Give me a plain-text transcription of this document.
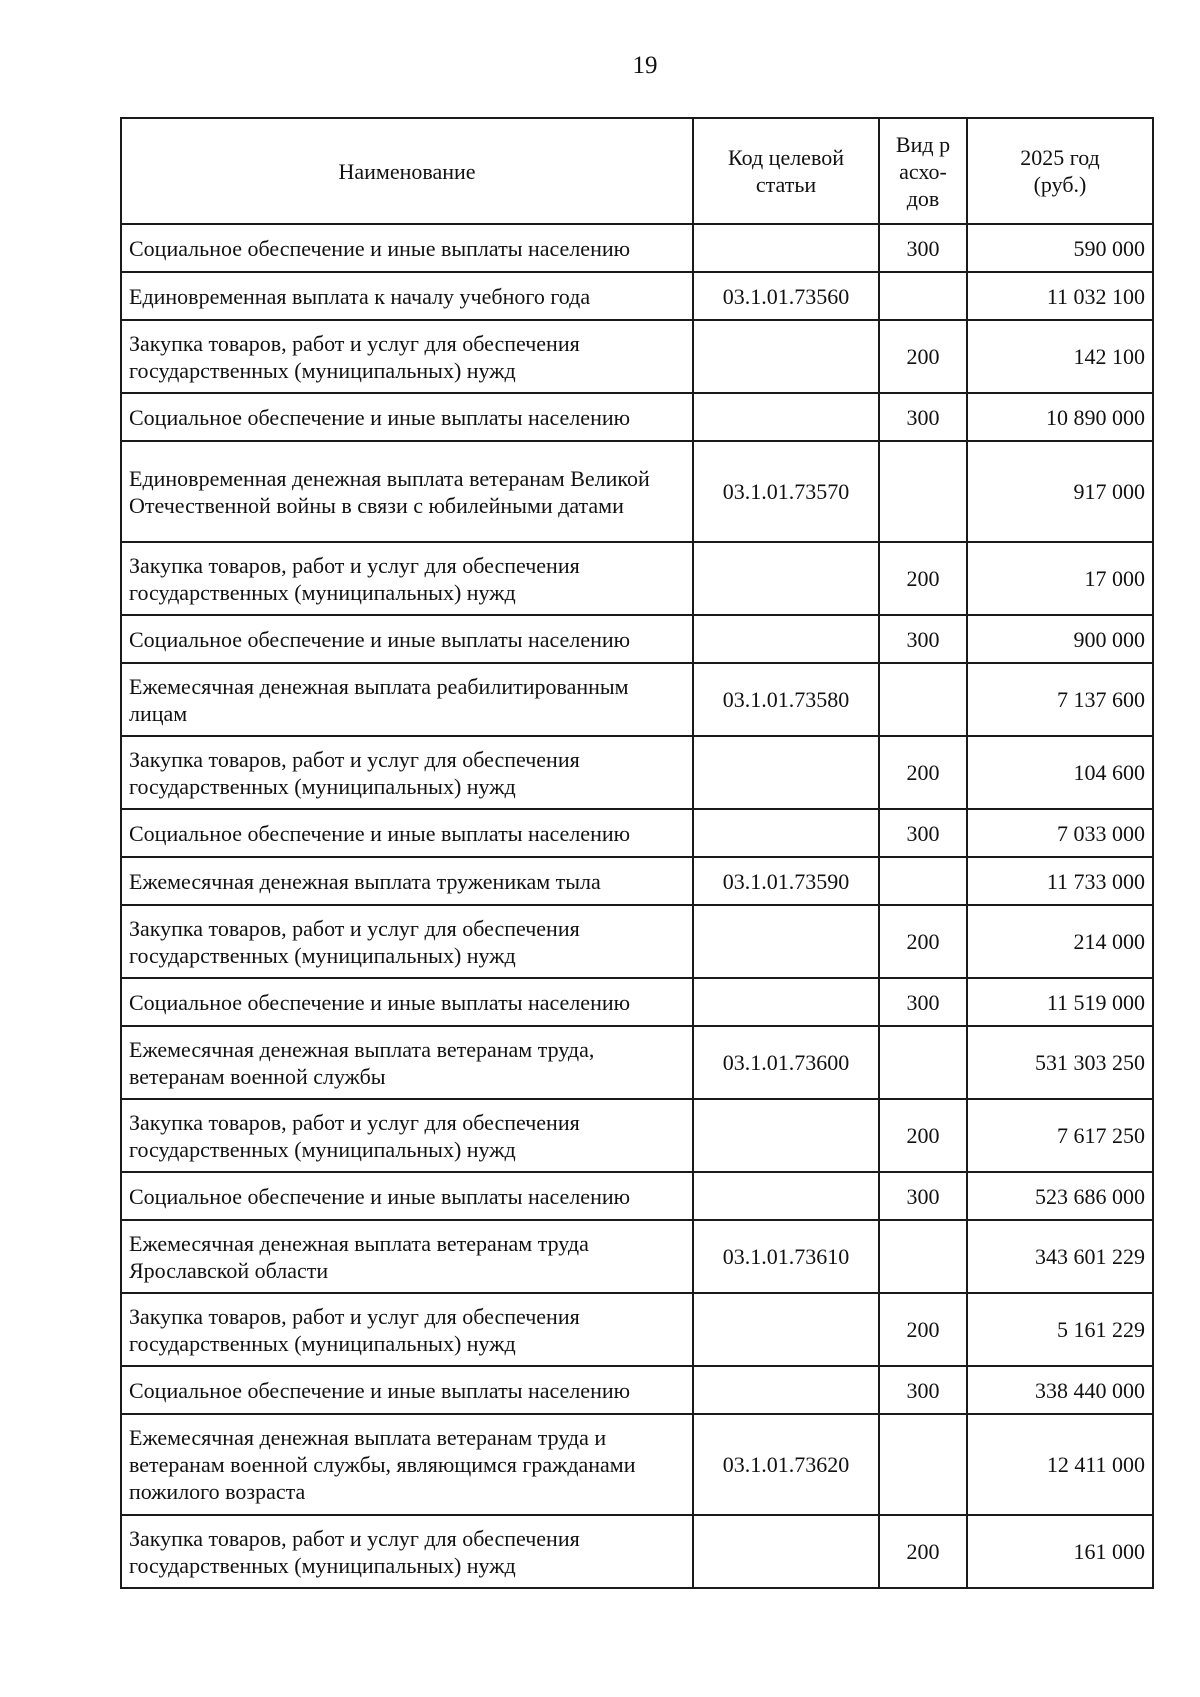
19
Наименование	Код целевой статьи	Вид расхо-дов	2025 год (руб.)

Социальное обеспечение и иные выплаты населению		300	590 000
Единовременная выплата к началу учебного года	03.1.01.73560		11 032 100
Закупка товаров, работ и услуг для обеспечения государственных (муниципальных) нужд		200	142 100
Социальное обеспечение и иные выплаты населению		300	10 890 000
Единовременная денежная выплата ветеранам Великой Отечественной войны в связи с юбилейными датами	03.1.01.73570		917 000
Закупка товаров, работ и услуг для обеспечения государственных (муниципальных) нужд		200	17 000
Социальное обеспечение и иные выплаты населению		300	900 000
Ежемесячная денежная выплата реабилитированным лицам	03.1.01.73580		7 137 600
Закупка товаров, работ и услуг для обеспечения государственных (муниципальных) нужд		200	104 600
Социальное обеспечение и иные выплаты населению		300	7 033 000
Ежемесячная денежная выплата труженикам тыла	03.1.01.73590		11 733 000
Закупка товаров, работ и услуг для обеспечения государственных (муниципальных) нужд		200	214 000
Социальное обеспечение и иные выплаты населению		300	11 519 000
Ежемесячная денежная выплата ветеранам труда, ветеранам военной службы	03.1.01.73600		531 303 250
Закупка товаров, работ и услуг для обеспечения государственных (муниципальных) нужд		200	7 617 250
Социальное обеспечение и иные выплаты населению		300	523 686 000
Ежемесячная денежная выплата ветеранам труда Ярославской области	03.1.01.73610		343 601 229
Закупка товаров, работ и услуг для обеспечения государственных (муниципальных) нужд		200	5 161 229
Социальное обеспечение и иные выплаты населению		300	338 440 000
Ежемесячная денежная выплата ветеранам труда и ветеранам военной службы, являющимся гражданами пожилого возраста	03.1.01.73620		12 411 000
Закупка товаров, работ и услуг для обеспечения государственных (муниципальных) нужд		200	161 000
